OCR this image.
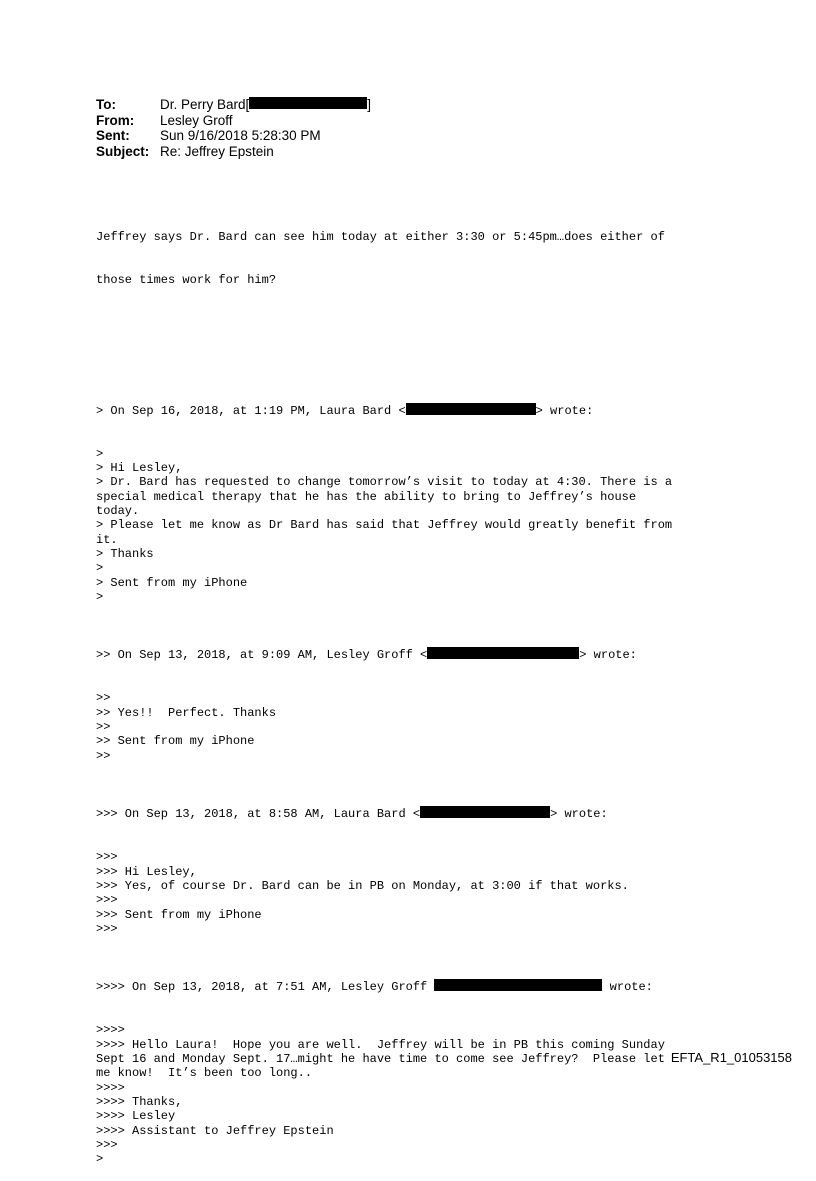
To:	Dr. Perry Bard[	]
From:	Lesley Groff
Sent:	Sun 9/16/2018 5:28:30 PM
Subject: Re: Jeffrey Epstein

Jeffrey says Dr. Bard can see him today at either 3:30 or 5:45pm…does either of

those times work for him?

> On Sep 16, 2018, at 1:19 PM, Laura Bard <	> wrote:

>
> Hi Lesley,
> Dr. Bard has requested to change tomorrow’s visit to today at 4:30. There is a
special medical therapy that he has the ability to bring to Jeffrey’s house
today.
> Please let me know as Dr Bard has said that Jeffrey would greatly benefit from
it.
> Thanks
>
> Sent from my iPhone
>

>> On Sep 13, 2018, at 9:09 AM, Lesley Groff <	> wrote:

>>
>> Yes!!  Perfect. Thanks
>>
>> Sent from my iPhone
>>

>>> On Sep 13, 2018, at 8:58 AM, Laura Bard <	> wrote:

>>>
>>> Hi Lesley,
>>> Yes, of course Dr. Bard can be in PB on Monday, at 3:00 if that works.
>>>
>>> Sent from my iPhone
>>>

>>>> On Sep 13, 2018, at 7:51 AM, Lesley Groff	wrote:

>>>>
>>>> Hello Laura!  Hope you are well.  Jeffrey will be in PB this coming Sunday
Sept 16 and Monday Sept. 17…might he have time to come see Jeffrey?  Please let
me know!  It’s been too long..
>>>>
>>>> Thanks,
>>>> Lesley
>>>> Assistant to Jeffrey Epstein
>>>
>

EFTA_R1_01053158
